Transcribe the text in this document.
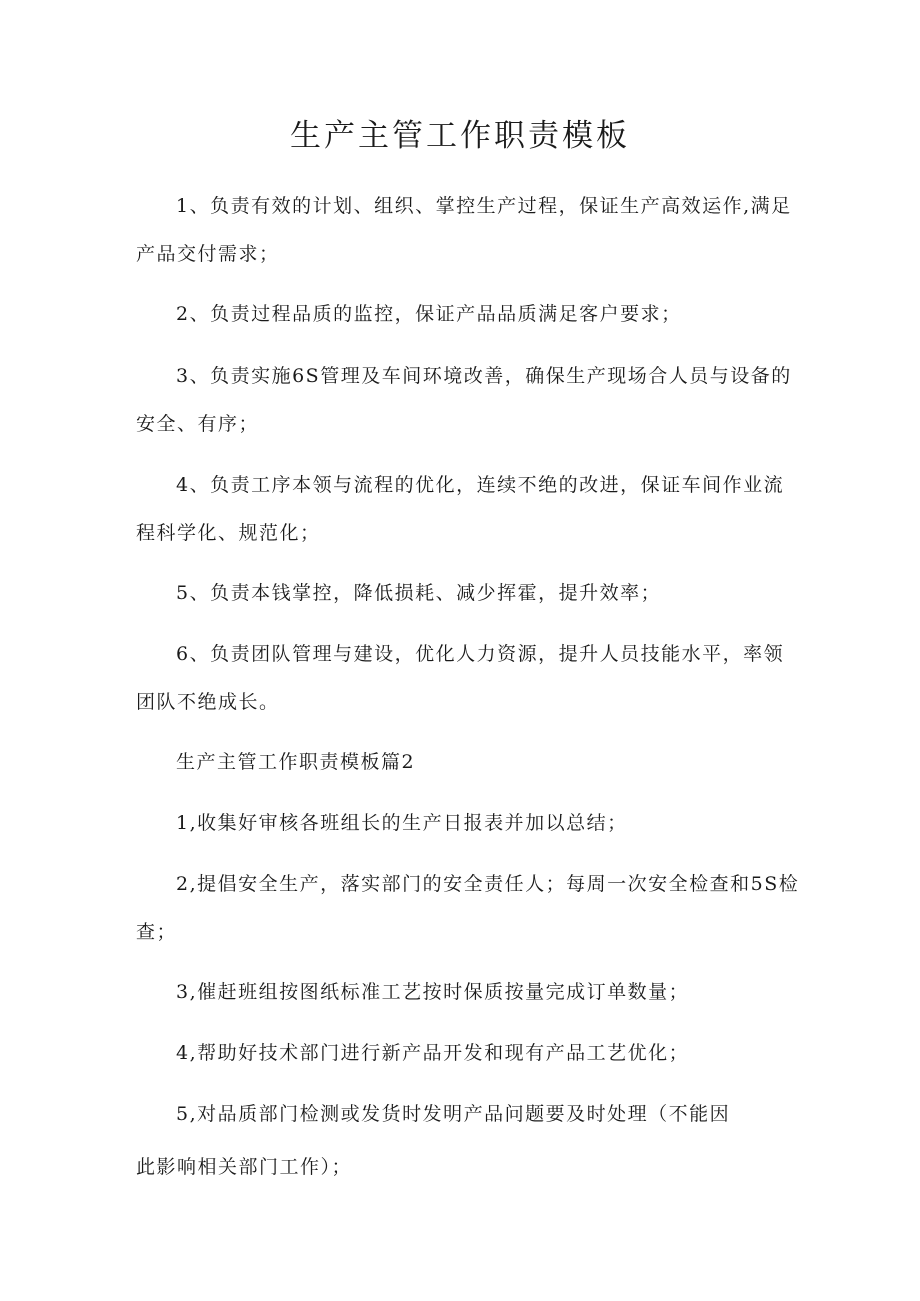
生产主管工作职责模板

1、负责有效的计划、组织、掌控生产过程，保证生产高效运作,满足产品交付需求；

2、负责过程品质的监控，保证产品品质满足客户要求；

3、负责实施6S管理及车间环境改善，确保生产现场合人员与设备的安全、有序；

4、负责工序本领与流程的优化，连续不绝的改进，保证车间作业流程科学化、规范化；

5、负责本钱掌控，降低损耗、减少挥霍，提升效率；

6、负责团队管理与建设，优化人力资源，提升人员技能水平，率领团队不绝成长。

生产主管工作职责模板篇2

1,收集好审核各班组长的生产日报表并加以总结；

2,提倡安全生产，落实部门的安全责任人；每周一次安全检查和5S检查；

3,催赶班组按图纸标准工艺按时保质按量完成订单数量；

4,帮助好技术部门进行新产品开发和现有产品工艺优化；

5,对品质部门检测或发货时发明产品问题要及时处理（不能因

此影响相关部门工作）；
